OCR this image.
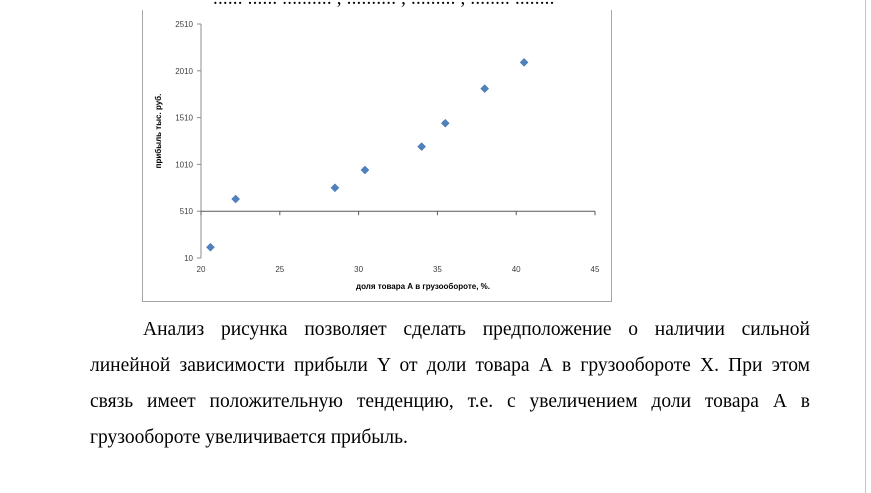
10
510
1010
1510
2010
2510
20	25	30	35	40	45
доля товара А в грузообороте, %.
прибыль тыс. руб.
Анализ рисунка позволяет сделать предположение о наличии сильной
линейной зависимости прибыли Y от доли товара А в грузообороте X. При этом
связь имеет положительную тенденцию, т.е. с увеличением доли товара А в
грузообороте увеличивается прибыль.
